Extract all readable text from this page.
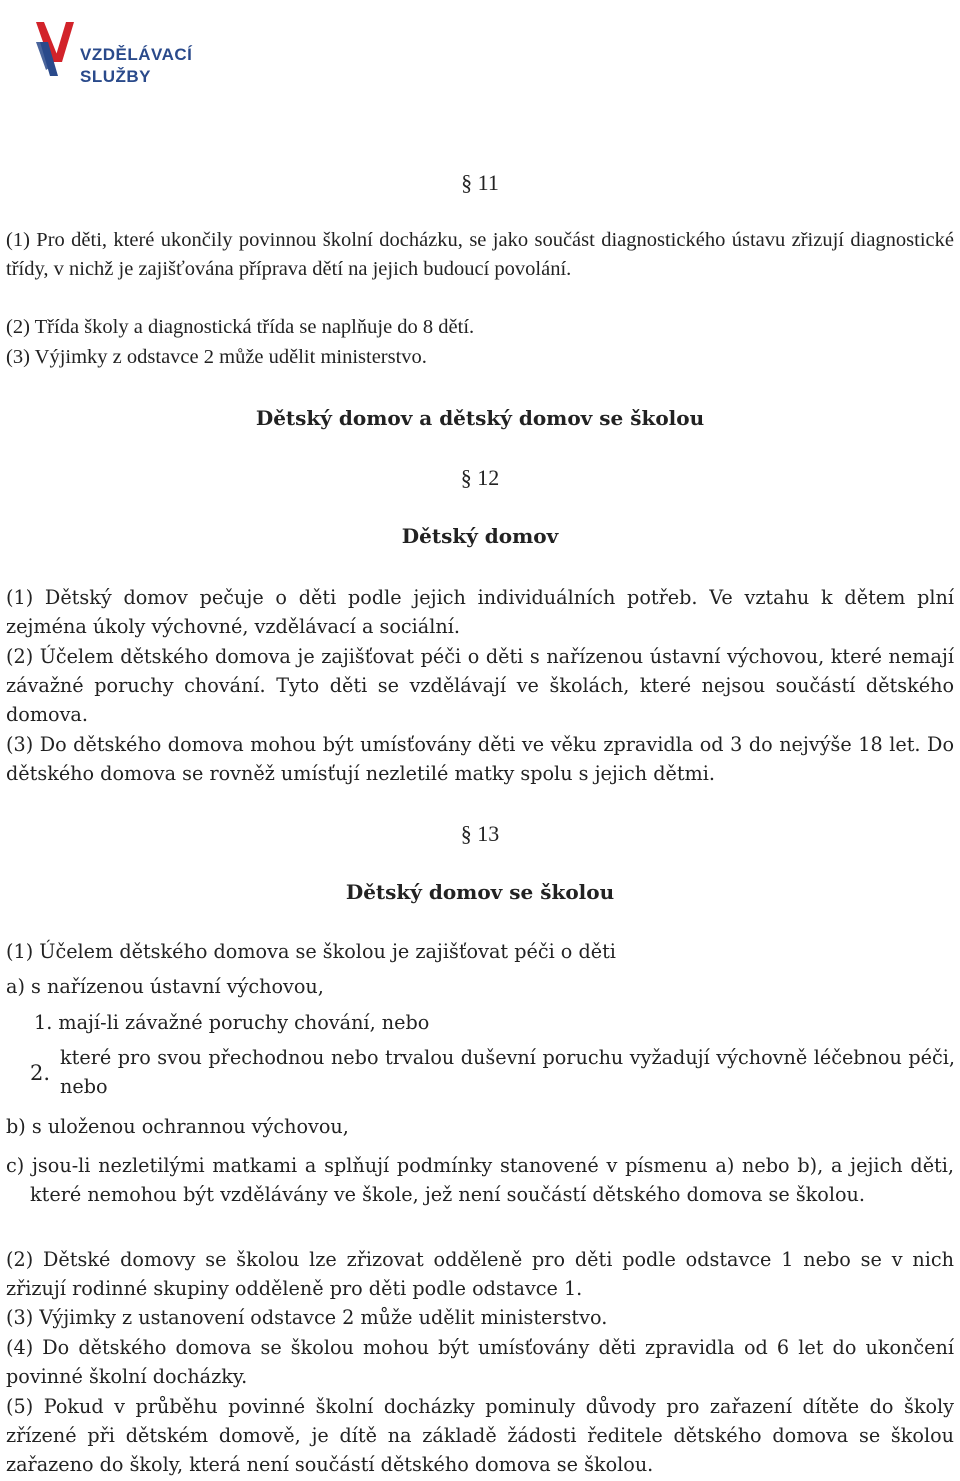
VZDĚLÁVACÍ
SLUŽBY

§ 11

(1) Pro děti, které ukončily povinnou školní docházku, se jako součást diagnostického ústavu zřizují diagnostické třídy, v nichž je zajišťována příprava dětí na jejich budoucí povolání.

(2) Třída školy a diagnostická třída se naplňuje do 8 dětí.

(3) Výjimky z odstavce 2 může udělit ministerstvo.

Dětský domov a dětský domov se školou

§ 12

Dětský domov

(1) Dětský domov pečuje o děti podle jejich individuálních potřeb. Ve vztahu k dětem plní zejména úkoly výchovné, vzdělávací a sociální.

(2) Účelem dětského domova je zajišťovat péči o děti s nařízenou ústavní výchovou, které nemají závažné poruchy chování. Tyto děti se vzdělávají ve školách, které nejsou součástí dětského domova.

(3) Do dětského domova mohou být umísťovány děti ve věku zpravidla od 3 do nejvýše 18 let. Do dětského domova se rovněž umísťují nezletilé matky spolu s jejich dětmi.

§ 13

Dětský domov se školou

(1) Účelem dětského domova se školou je zajišťovat péči o děti

a) s nařízenou ústavní výchovou,

1. mají-li závažné poruchy chování, nebo

2.

které pro svou přechodnou nebo trvalou duševní poruchu vyžadují výchovně léčebnou péči, nebo

b) s uloženou ochrannou výchovou,

c) jsou-li nezletilými matkami a splňují podmínky stanovené v písmenu a) nebo b), a jejich děti, které nemohou být vzdělávány ve škole, jež není součástí dětského domova se školou.

(2) Dětské domovy se školou lze zřizovat odděleně pro děti podle odstavce 1 nebo se v nich zřizují rodinné skupiny odděleně pro děti podle odstavce 1.

(3) Výjimky z ustanovení odstavce 2 může udělit ministerstvo.

(4) Do dětského domova se školou mohou být umísťovány děti zpravidla od 6 let do ukončení povinné školní docházky.

(5) Pokud v průběhu povinné školní docházky pominuly důvody pro zařazení dítěte do školy zřízené při dětském domově, je dítě na základě žádosti ředitele dětského domova se školou zařazeno do školy, která není součástí dětského domova se školou.
